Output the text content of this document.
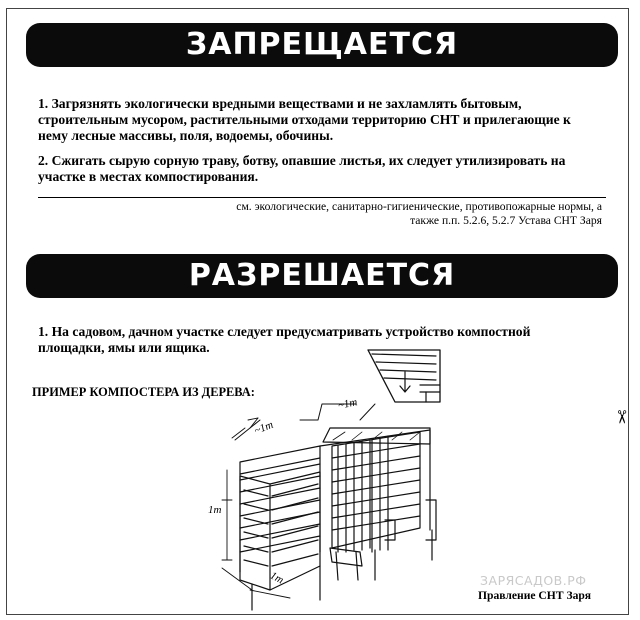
ЗАПРЕЩАЕТСЯ
1. Загрязнять экологически вредными веществами и не захламлять бытовым, строительным мусором, растительными отходами территорию СНТ и прилегающие к нему лесные массивы, поля, водоемы, обочины.
2. Сжигать сырую сорную траву, ботву, опавшие листья, их следует утилизировать на участке в местах компостирования.
см. экологические, санитарно-гигиенические, противопожарные нормы, а также п.п. 5.2.6, 5.2.7 Устава СНТ Заря
РАЗРЕШАЕТСЯ
1. На садовом, дачном участке следует предусматривать устройство компостной площадки, ямы или ящика.
ПРИМЕР КОМПОСТЕРА ИЗ ДЕРЕВА:
~1m
~1m
1m
1m	ЗАРЯСАДОВ.РФ
Правление СНТ Заря
✂
